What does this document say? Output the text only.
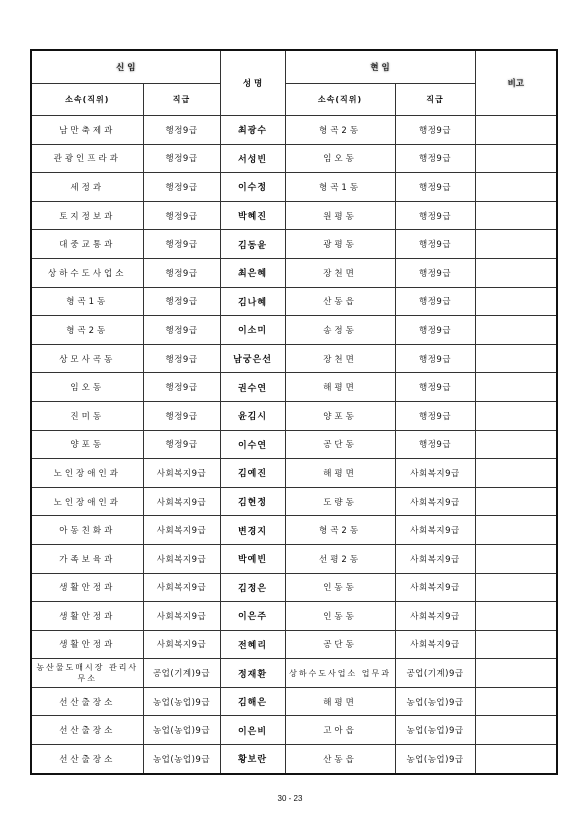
신 임		성 명	현 임		비고
소속(직위)	직급		소속(직위)	직급	
남만축제과	행정9급	최광수	형곡2동	행정9급	
관광인프라과	행정9급	서성빈	임오동	행정9급	
세정과	행정9급	이수정	형곡1동	행정9급	
토지정보과	행정9급	박혜진	원평동	행정9급	
대중교통과	행정9급	김동윤	광평동	행정9급	
상하수도사업소	행정9급	최은혜	장천면	행정9급	
형곡1동	행정9급	김나혜	산동읍	행정9급	
형곡2동	행정9급	이소미	송정동	행정9급	
상모사곡동	행정9급	남궁은선	장천면	행정9급	
임오동	행정9급	권수연	해평면	행정9급	
진미동	행정9급	윤김시	양포동	행정9급	
양포동	행정9급	이수연	공단동	행정9급	
노인장애인과	사회복지9급	김예진	해평면	사회복지9급	
노인장애인과	사회복지9급	김현정	도량동	사회복지9급	
아동친화과	사회복지9급	변경지	형곡2동	사회복지9급	
가족보육과	사회복지9급	박예빈	선평2동	사회복지9급	
생활안정과	사회복지9급	김정은	인동동	사회복지9급	
생활안정과	사회복지9급	이은주	인동동	사회복지9급	
생활안정과	사회복지9급	전혜리	공단동	사회복지9급	
농산물도매시장 관리사무소	공업(기계)9급	정재환	상하수도사업소 업무과	공업(기계)9급	
선산출장소	농업(농업)9급	김해은	해평면	농업(농업)9급	
선산출장소	농업(농업)9급	이은비	고아읍	농업(농업)9급	
선산출장소	농업(농업)9급	황보란	산동읍	농업(농업)9급	
30 - 23
